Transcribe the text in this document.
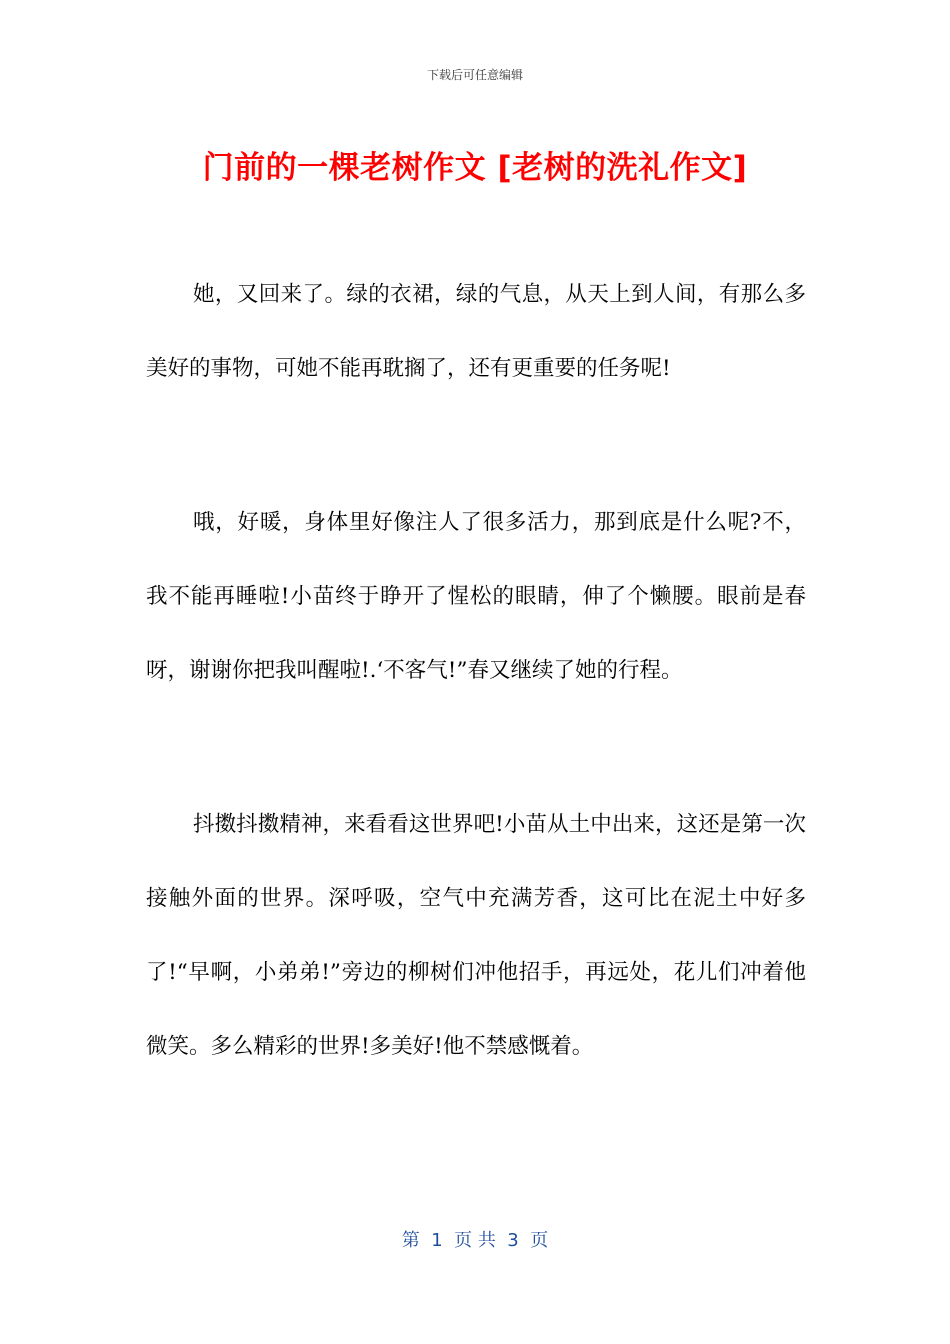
下载后可任意编辑
门前的一棵老树作文 [老树的洗礼作文]

她，又回来了。绿的衣裙，绿的气息，从天上到人间，有那么多美好的事物，可她不能再耽搁了，还有更重要的任务呢!

哦，好暖，身体里好像注人了很多活力，那到底是什么呢?不，我不能再睡啦!小苗终于睁开了惺松的眼睛，伸了个懒腰。眼前是春呀，谢谢你把我叫醒啦!.‘不客气!”春又继续了她的行程。

抖擞抖擞精神，来看看这世界吧!小苗从土中出来，这还是第一次接触外面的世界。深呼吸，空气中充满芳香，这可比在泥土中好多了!“早啊，小弟弟!”旁边的柳树们冲他招手，再远处，花儿们冲着他微笑。多么精彩的世界!多美好!他不禁感慨着。

第  1  页 共  3  页
